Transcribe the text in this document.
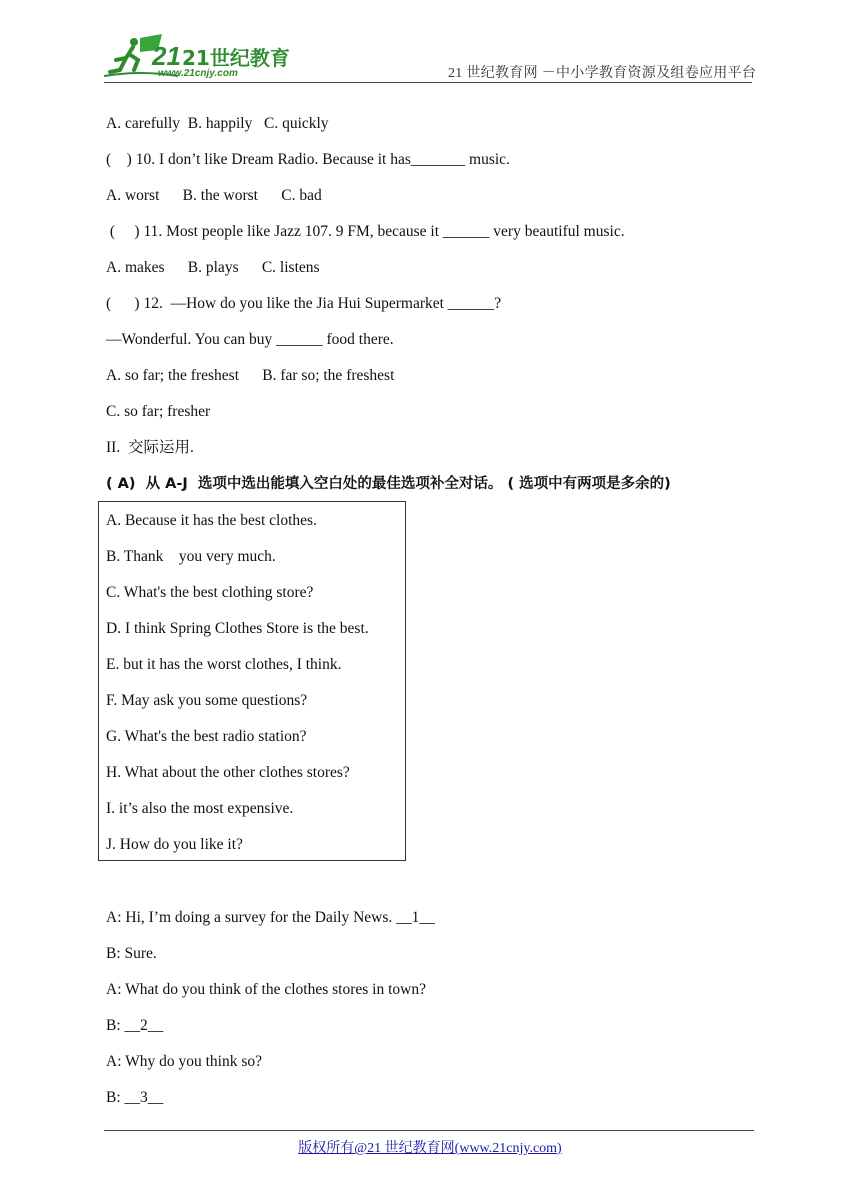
21 21世纪教育
www.21cnjy.com	21 世纪教育网 －中小学教育资源及组卷应用平台
A. carefully  B. happily   C. quickly
(    ) 10. I don’t like Dream Radio. Because it has_______ music.
A. worst      B. the worst      C. bad
(     ) 11. Most people like Jazz 107. 9 FM, because it ______ very beautiful music.
A. makes      B. plays      C. listens
(      ) 12.  —How do you like the Jia Hui Supermarket ______?
—Wonderful. You can buy ______ food there.
A. so far; the freshest      B. far so; the freshest
C. so far; fresher
II.  交际运用.
( A)  从 A-J  选项中选出能填入空白处的最佳选项补全对话。 ( 选项中有两项是多余的)
A. Because it has the best clothes.
B. Thank    you very much.
C. What's the best clothing store?
D. I think Spring Clothes Store is the best.
E. but it has the worst clothes, I think.
F. May ask you some questions?
G. What's the best radio station?
H. What about the other clothes stores?
I. it’s also the most expensive.
J. How do you like it?
A: Hi, I’m doing a survey for the Daily News. __1__
B: Sure.
A: What do you think of the clothes stores in town?
B: __2__
A: Why do you think so?
B: __3__
版权所有@21 世纪教育网(www.21cnjy.com)
